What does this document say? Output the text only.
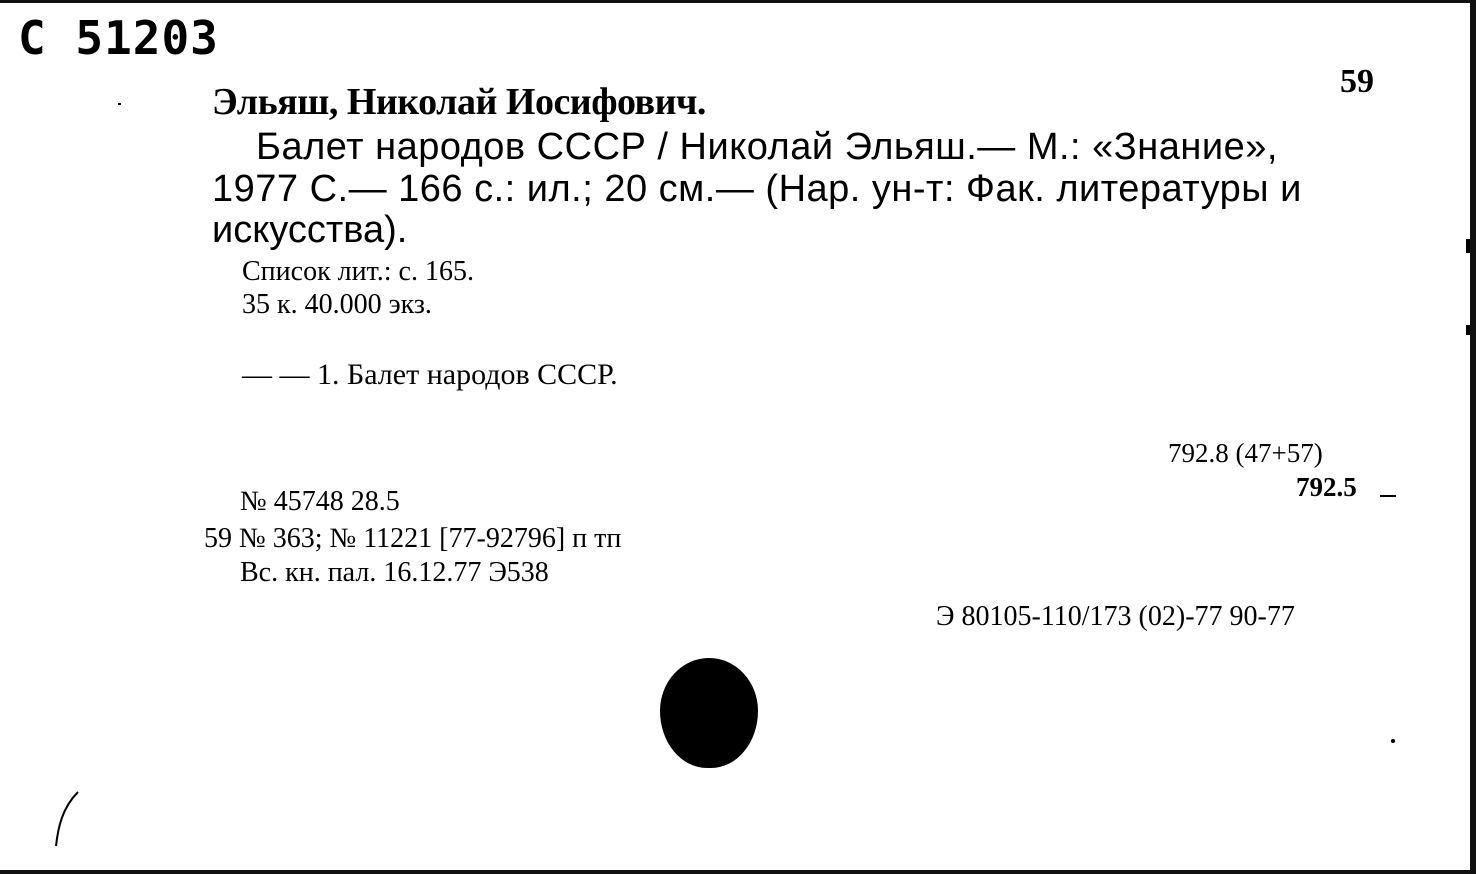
С 51203
59
Эльяш, Николай Иосифович.
Балет народов СССР / Николай Эльяш.— М.: «Знание»,
1977 С.— 166 с.: ил.; 20 см.— (Нар. ун-т: Фак. литературы и
искусства).
Список лит.: с. 165.
35 к. 40.000 экз.
— — 1. Балет народов СССР.
792.8 (47+57)
792.5
№ 45748 28.5
59 № 363; № 11221 [77-92796] п тп
Вс. кн. пал. 16.12.77 Э538
Э 80105-110/173 (02)-77 90-77
